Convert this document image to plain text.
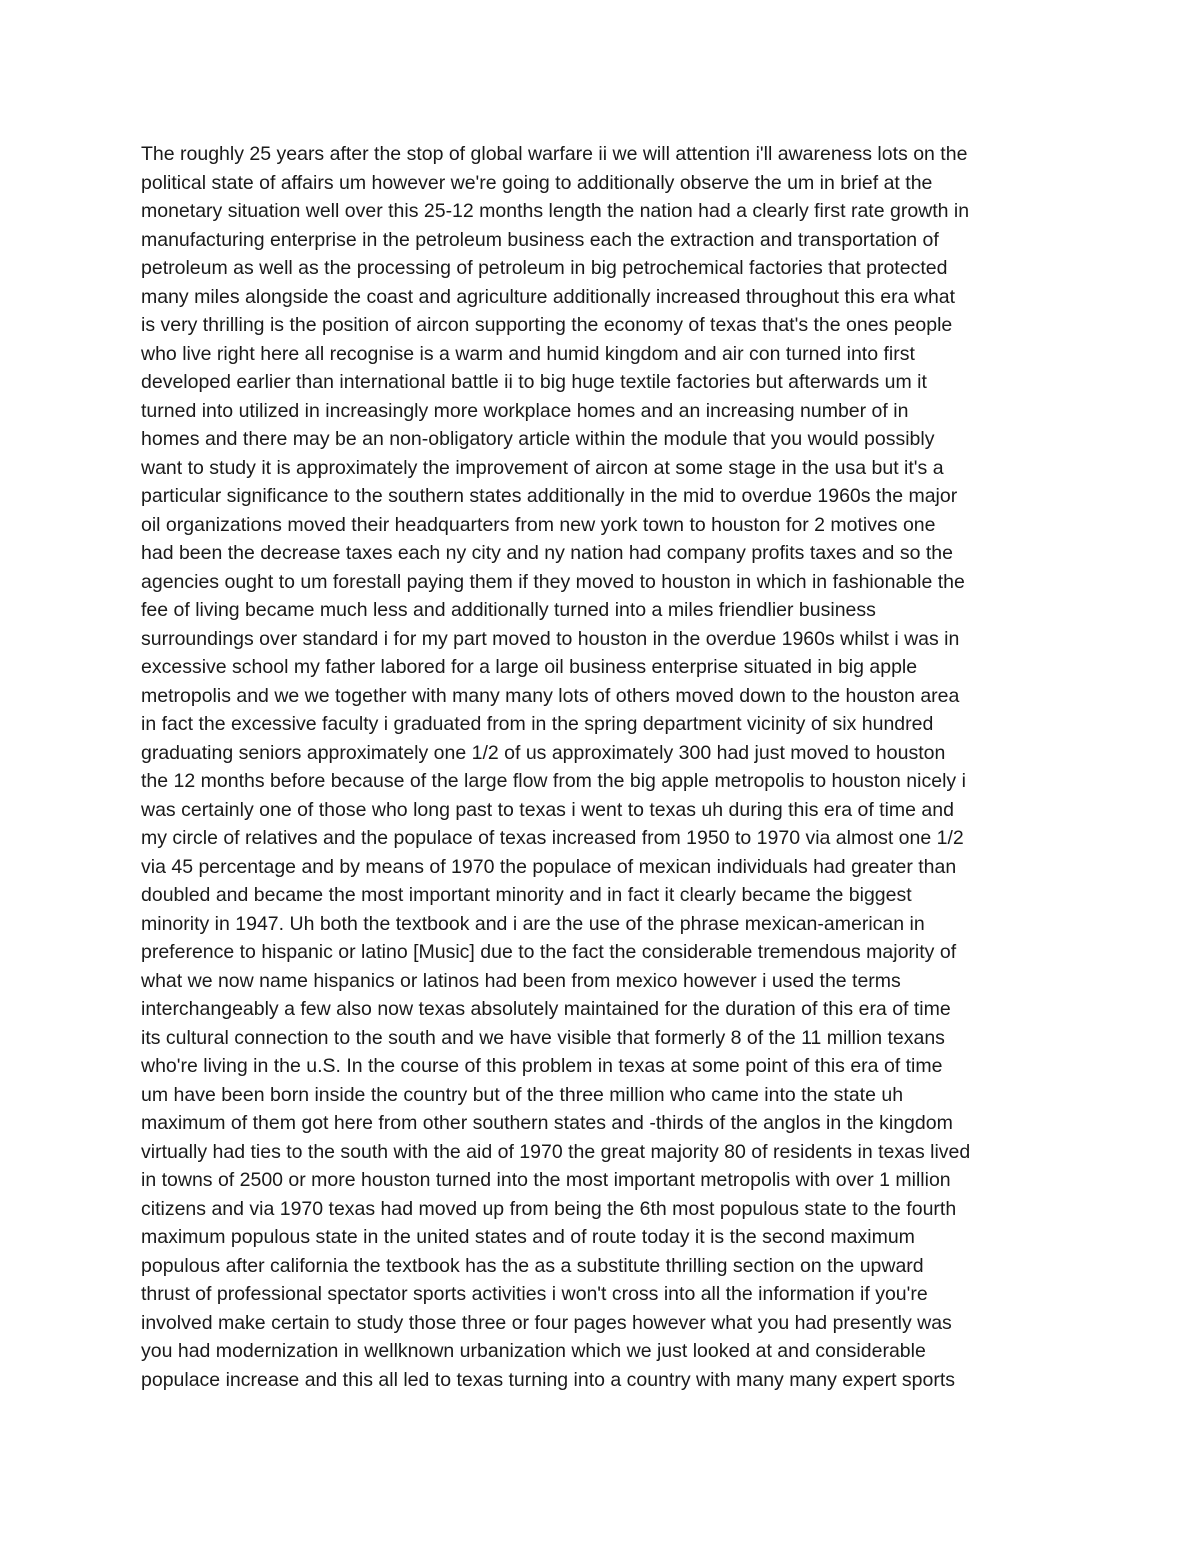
The roughly 25 years after the stop of global warfare ii we will attention i'll awareness lots on the
political state of affairs um however we're going to additionally observe the um in brief at the
monetary situation well over this 25-12 months length the nation had a clearly first rate growth in
manufacturing enterprise in the petroleum business each the extraction and transportation of
petroleum as well as the processing of petroleum in big petrochemical factories that protected
many miles alongside the coast and agriculture additionally increased throughout this era what
is very thrilling is the position of aircon supporting the economy of texas that's the ones people
who live right here all recognise is a warm and humid kingdom and air con turned into first
developed earlier than international battle ii to big huge textile factories but afterwards um it
turned into utilized in increasingly more workplace homes and an increasing number of in
homes and there may be an non-obligatory article within the module that you would possibly
want to study it is approximately the improvement of aircon at some stage in the usa but it's a
particular significance to the southern states additionally in the mid to overdue 1960s the major
oil organizations moved their headquarters from new york town to houston for 2 motives one
had been the decrease taxes each ny city and ny nation had company profits taxes and so the
agencies ought to um forestall paying them if they moved to houston in which in fashionable the
fee of living became much less and additionally turned into a miles friendlier business
surroundings over standard i for my part moved to houston in the overdue 1960s whilst i was in
excessive school my father labored for a large oil business enterprise situated in big apple
metropolis and we we together with many many lots of others moved down to the houston area
in fact the excessive faculty i graduated from in the spring department vicinity of six hundred
graduating seniors approximately one 1/2 of us approximately 300 had just moved to houston
the 12 months before because of the large flow from the big apple metropolis to houston nicely i
was certainly one of those who long past to texas i went to texas uh during this era of time and
my circle of relatives and the populace of texas increased from 1950 to 1970 via almost one 1/2
via 45 percentage and by means of 1970 the populace of mexican individuals had greater than
doubled and became the most important minority and in fact it clearly became the biggest
minority in 1947. Uh both the textbook and i are the use of the phrase mexican-american in
preference to hispanic or latino [Music] due to the fact the considerable tremendous majority of
what we now name hispanics or latinos had been from mexico however i used the terms
interchangeably a few also now texas absolutely maintained for the duration of this era of time
its cultural connection to the south and we have visible that formerly 8 of the 11 million texans
who're living in the u.S. In the course of this problem in texas at some point of this era of time
um have been born inside the country but of the three million who came into the state uh
maximum of them got here from other southern states and -thirds of the anglos in the kingdom
virtually had ties to the south with the aid of 1970 the great majority 80 of residents in texas lived
in towns of 2500 or more houston turned into the most important metropolis with over 1 million
citizens and via 1970 texas had moved up from being the 6th most populous state to the fourth
maximum populous state in the united states and of route today it is the second maximum
populous after california the textbook has the as a substitute thrilling section on the upward
thrust of professional spectator sports activities i won't cross into all the information if you're
involved make certain to study those three or four pages however what you had presently was
you had modernization in wellknown urbanization which we just looked at and considerable
populace increase and this all led to texas turning into a country with many many expert sports
